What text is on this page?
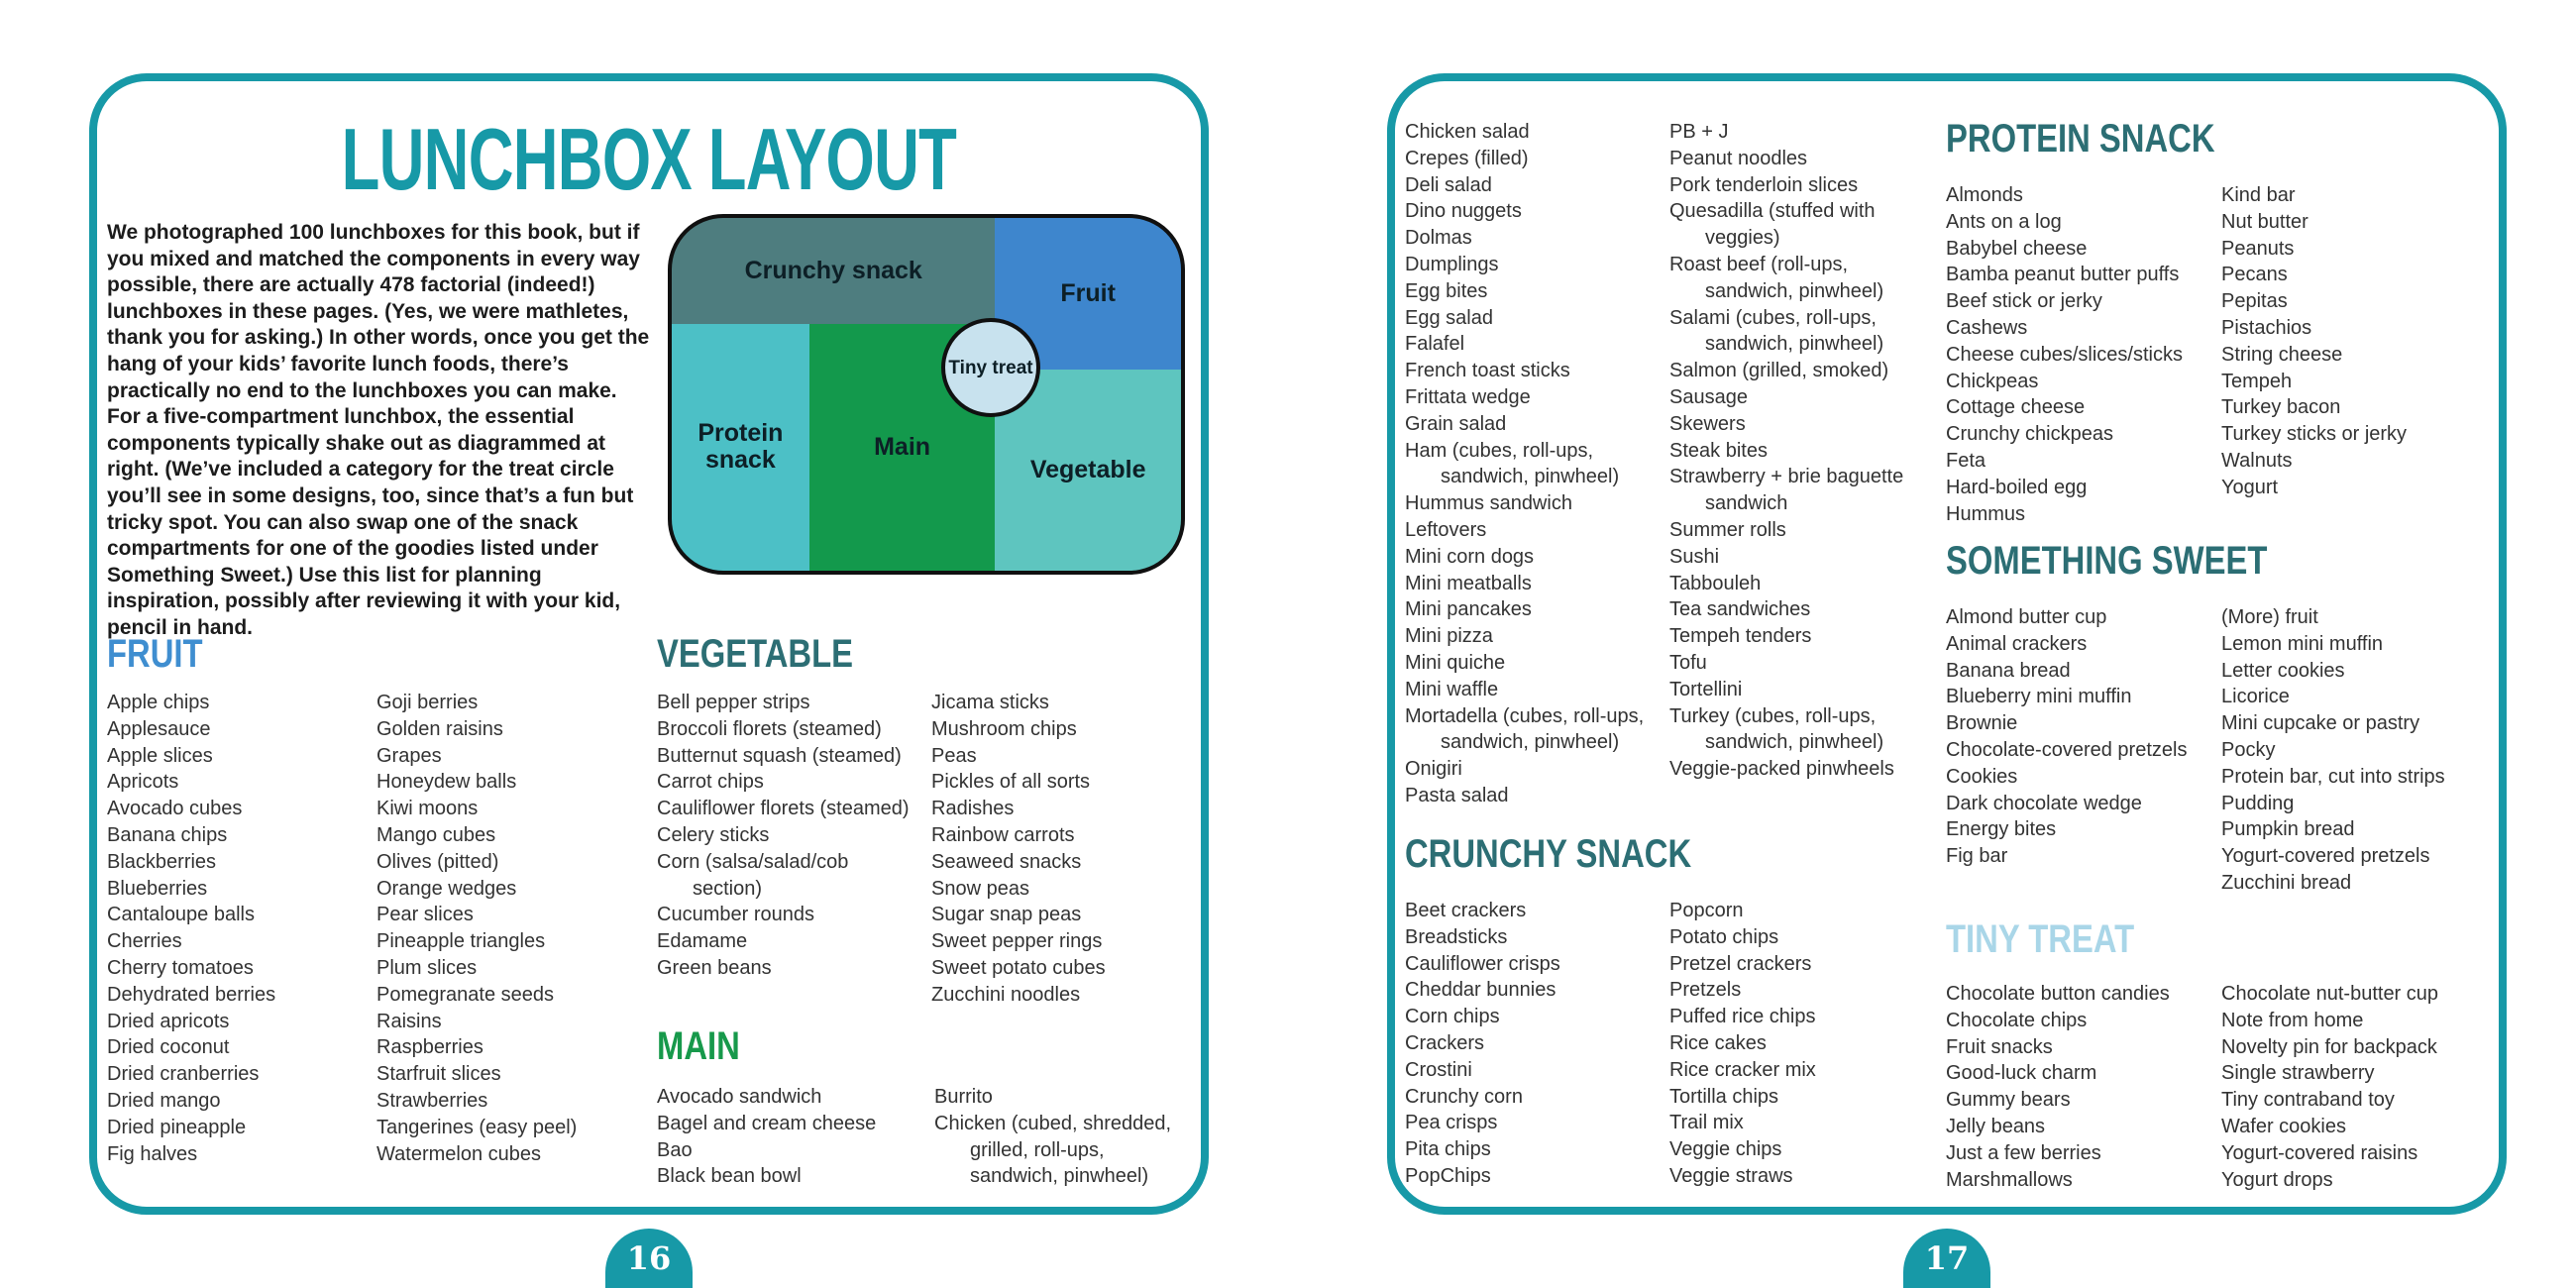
LUNCHBOX LAYOUT
We photographed 100 lunchboxes for this book, but if you mixed and matched the components in every way possible, there are actually 478 factorial (indeed!) lunchboxes in these pages. (Yes, we were mathletes, thank you for asking.) In other words, once you get the hang of your kids’ favorite lunch foods, there’s practically no end to the lunchboxes you can make. For a five-compartment lunchbox, the essential components typically shake out as diagrammed at right. (We’ve included a category for the treat circle you’ll see in some designs, too, since that’s a fun but tricky spot. You can also swap one of the snack compartments for one of the goodies listed under Something Sweet.) Use this list for planning inspiration, possibly after reviewing it with your kid, pencil in hand.
Crunchy snack
Fruit
Protein snack	Main
Vegetable
Tiny treat
FRUIT
Apple chips
Applesauce
Apple slices
Apricots
Avocado cubes
Banana chips
Blackberries
Blueberries
Cantaloupe balls
Cherries
Cherry tomatoes
Dehydrated berries
Dried apricots
Dried coconut
Dried cranberries
Dried mango
Dried pineapple
Fig halves
Goji berries
Golden raisins
Grapes
Honeydew balls
Kiwi moons
Mango cubes
Olives (pitted)
Orange wedges
Pear slices
Pineapple triangles
Plum slices
Pomegranate seeds
Raisins
Raspberries
Starfruit slices
Strawberries
Tangerines (easy peel)
Watermelon cubes
VEGETABLE
Bell pepper strips
Broccoli florets (steamed)
Butternut squash (steamed)
Carrot chips
Cauliflower florets (steamed)
Celery sticks
Corn (salsa/salad/cob section)
Cucumber rounds
Edamame
Green beans
Jicama sticks
Mushroom chips
Peas
Pickles of all sorts
Radishes
Rainbow carrots
Seaweed snacks
Snow peas
Sugar snap peas
Sweet pepper rings
Sweet potato cubes
Zucchini noodles
MAIN
Avocado sandwich
Bagel and cream cheese
Bao
Black bean bowl
Burrito
Chicken (cubed, shredded, grilled, roll-ups, sandwich, pinwheel)
Chicken salad
Crepes (filled)
Deli salad
Dino nuggets
Dolmas
Dumplings
Egg bites
Egg salad
Falafel
French toast sticks
Frittata wedge
Grain salad
Ham (cubes, roll-ups, sandwich, pinwheel)
Hummus sandwich
Leftovers
Mini corn dogs
Mini meatballs
Mini pancakes
Mini pizza
Mini quiche
Mini waffle
Mortadella (cubes, roll-ups, sandwich, pinwheel)
Onigiri
Pasta salad
PB + J
Peanut noodles
Pork tenderloin slices
Quesadilla (stuffed with veggies)
Roast beef (roll-ups, sandwich, pinwheel)
Salami (cubes, roll-ups, sandwich, pinwheel)
Salmon (grilled, smoked)
Sausage
Skewers
Steak bites
Strawberry + brie baguette sandwich
Summer rolls
Sushi
Tabbouleh
Tea sandwiches
Tempeh tenders
Tofu
Tortellini
Turkey (cubes, roll-ups, sandwich, pinwheel)
Veggie-packed pinwheels
PROTEIN SNACK
Almonds
Ants on a log
Babybel cheese
Bamba peanut butter puffs
Beef stick or jerky
Cashews
Cheese cubes/slices/sticks
Chickpeas
Cottage cheese
Crunchy chickpeas
Feta
Hard-boiled egg
Hummus
Kind bar
Nut butter
Peanuts
Pecans
Pepitas
Pistachios
String cheese
Tempeh
Turkey bacon
Turkey sticks or jerky
Walnuts
Yogurt
SOMETHING SWEET
Almond butter cup
Animal crackers
Banana bread
Blueberry mini muffin
Brownie
Chocolate-covered pretzels
Cookies
Dark chocolate wedge
Energy bites
Fig bar
(More) fruit
Lemon mini muffin
Letter cookies
Licorice
Mini cupcake or pastry
Pocky
Protein bar, cut into strips
Pudding
Pumpkin bread
Yogurt-covered pretzels
Zucchini bread
CRUNCHY SNACK
Beet crackers
Breadsticks
Cauliflower crisps
Cheddar bunnies
Corn chips
Crackers
Crostini
Crunchy corn
Pea crisps
Pita chips
PopChips
Popcorn
Potato chips
Pretzel crackers
Pretzels
Puffed rice chips
Rice cakes
Rice cracker mix
Tortilla chips
Trail mix
Veggie chips
Veggie straws
TINY TREAT
Chocolate button candies
Chocolate chips
Fruit snacks
Good-luck charm
Gummy bears
Jelly beans
Just a few berries
Marshmallows
Chocolate nut-butter cup
Note from home
Novelty pin for backpack
Single strawberry
Tiny contraband toy
Wafer cookies
Yogurt-covered raisins
Yogurt drops
16	17
